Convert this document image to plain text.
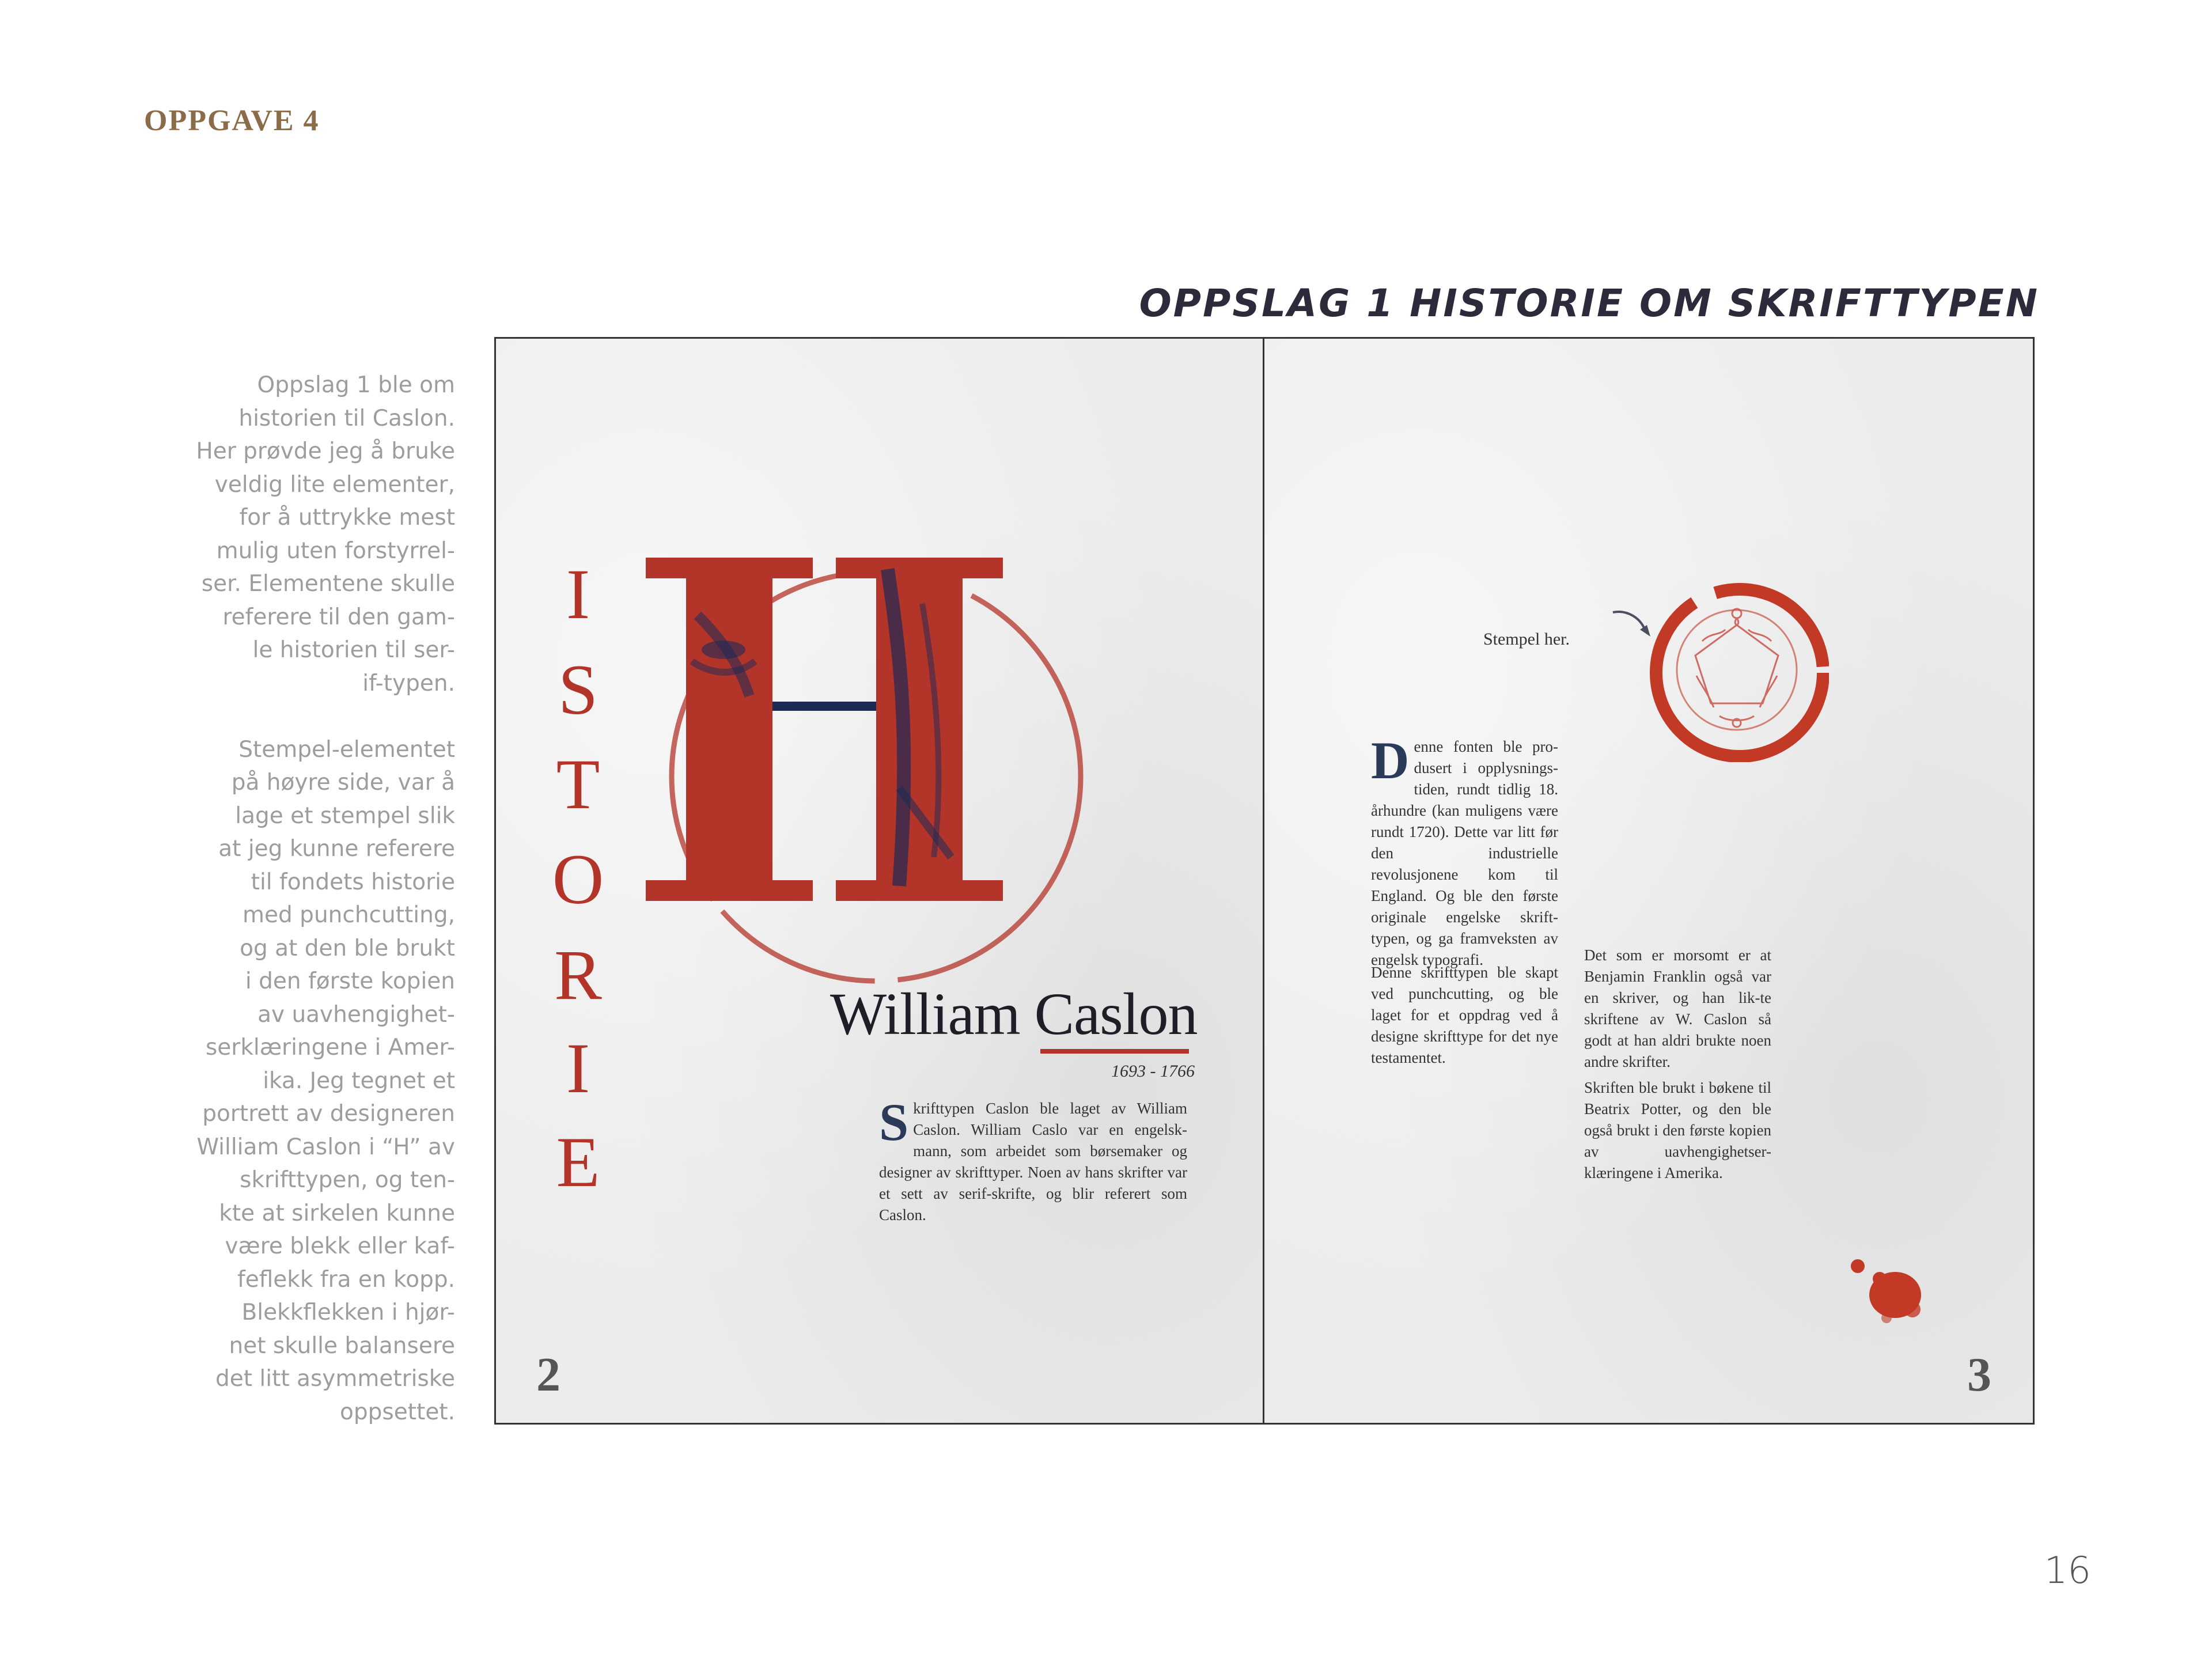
OPPGAVE 4
OPPSLAG 1 HISTORIE OM SKRIFTTYPEN
Oppslag 1 ble om
historien til Caslon.
Her prøvde jeg å bruke
veldig lite elementer,
for å uttrykke mest
mulig uten forstyrrel-
ser. Elementene skulle
referere til den gam-
le historien til ser-
if-typen.

Stempel-elementet
på høyre side, var å
lage et stempel slik
at jeg kunne referere
til fondets historie
med punchcutting,
og at den ble brukt
i den første kopien
av uavhengighet-
serklæringene i Amer-
ika. Jeg tegnet et
portrett av designeren
William Caslon i “H” av
skrifttypen, og ten-
kte at sirkelen kunne
være blekk eller kaf-
feflekk fra en kopp.
Blekkflekken i hjør-
net skulle balansere
det litt asymmetriske
oppsettet.
I
S
T
O
R
I
E
William Caslon
1693 - 1766
S krifttypen Caslon ble laget av William Caslon. William Caslo var en engelsk-mann, som arbeidet som børsemaker og designer av skrifttyper. Noen av hans skrifter var et sett av serif-skrifte, og blir referert som Caslon.
2
Stempel her.
D enne fonten ble pro-dusert i opplysnings-tiden, rundt tidlig 18. århundre (kan muligens være rundt 1720). Dette var litt før den industrielle revolusjonene kom til England. Og ble den første originale engelske skrift-typen, og ga framveksten av engelsk typografi.
Denne skrifttypen ble skapt ved punchcutting, og ble laget for et oppdrag ved å designe skrifttype for det nye testamentet.
Det som er morsomt er at Benjamin Franklin også var en skriver, og han lik-te skriftene av W. Caslon så godt at han aldri brukte noen andre skrifter.
Skriften ble brukt i bøkene til Beatrix Potter, og den ble også brukt i den første kopien av uavhengighetser-klæringene i Amerika.
3
16
